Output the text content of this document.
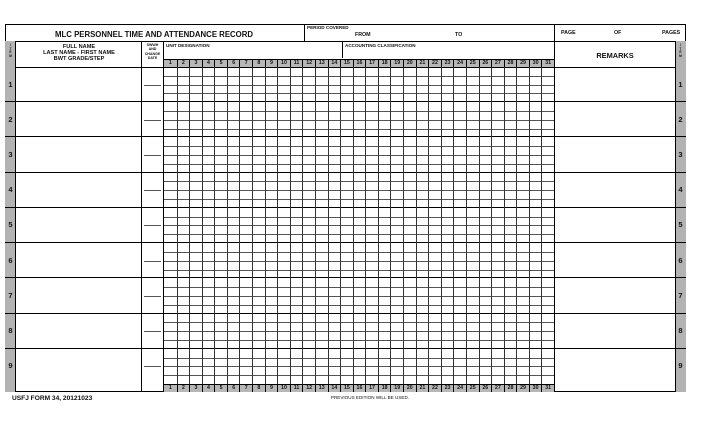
MLC PERSONNEL TIME AND ATTENDANCE RECORD
PERIOD COVERED
FROM	TO	PAGE	OF	PAGES
I
T
E
M
I
T
E
M
FULL NAME
LAST NAME - FIRST NAME
BWT GRADE/STEP
SWWH
AND
CHANGE
DATE
UNIT DESIGNATION	ACCOUNTING CLASSIFICATION
REMARKS
1	2	3	4	5	6	7	8	9	10	11	12	13	14	15	16	17	18	19	20	21	22	23	24	25	26	27	28	29	30	31
1	1
2	2
3	3
4	4
5	5
6	6
7	7
8	8
9	9
1	2	3	4	5	6	7	8	9	10	11	12	13	14	15	16	17	18	19	20	21	22	23	24	25	26	27	28	29	30	31
USFJ FORM 34, 20121023	PREVIOUS EDITION WILL BE USED.
